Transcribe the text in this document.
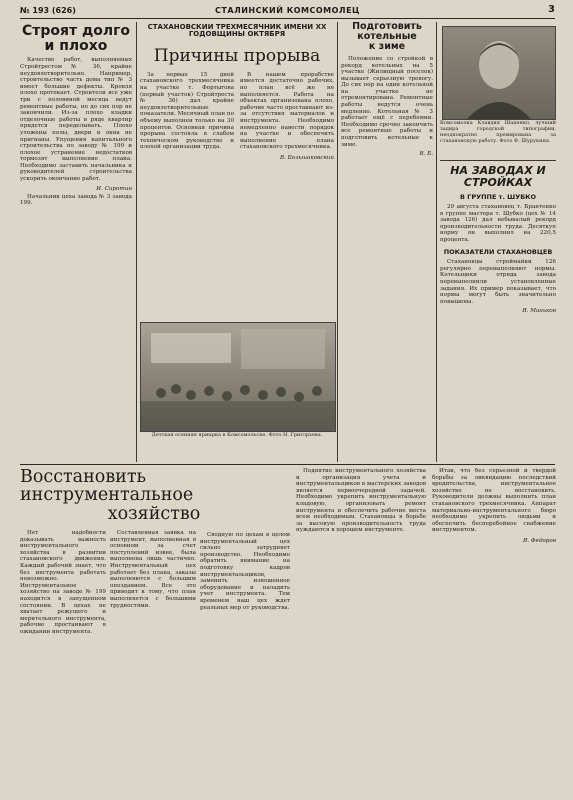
№ 193 (626)	СТАЛИНСКИЙ КОМСОМОЛЕЦ	3
Строят долго
и плохо
Качество работ, выполняемых Стройтрестом № 36, крайне неудовлетворительно. Например, строительство часть дома тип № 3 имеет большие дефекты. Кровля плохо протекает. Строители все уже три с половиной месяца ведут ремонтные работы, но до сих пор не закончили. Из-за плохо кладки отделочные работы в ряде квартир придется переделывать. Плохо уложены полы, двери и окна не пригнаны. Упущения капитального строительства по заводу № 199 и плохое устранение недостатков тормозят выполнение плана. Необходимо заставить начальника и руководителей строительства ускорить окончание работ.
И. Сиротин
Начальник цеха завода № 3 завода 199.
СТАХАНОВСКИЙ ТРЕХМЕСЯЧНИК ИМЕНИ XX ГОДОВЩИНЫ ОКТЯБРЯ
Причины прорыва
За первые 15 дней стахановского трехмесячника на участке т. Фортыгова (первый участок) Стройтреста № 36) дал крайне неудовлетворительные показатели. Месячный план по объему выполнен только на 30 процентов. Основная причина прорыва состояла в слабом техническом руководстве и плохой организации труда.
В нашем прорабстве имеется достаточно рабочих, но план всё же не выполняется. Работа на объектах организована плохо, рабочие часто простаивают из-за отсутствия материалов и инструмента. Необходимо немедленно навести порядок на участке и обеспечить выполнение плана стахановского трехмесячника.
В. Большаковский
Детская осенняя ярмарка в Комсомольске. Фото Н. Григорьева.
Подготовить
котельные
к зиме
Положение со стройкой в рекорд котельных на 5 участке (Жилищный поселок) вызывает серьезную тревогу. До сих пор на один котельной на участке не отремонтирована. Ремонтные работы ведутся очень медленно. Котельная № 3 работает ещё с перебоями. Необходимо срочно закончить все ремонтные работы и подготовить котельные к зиме.
В. Б.
Комсомолка Клавдия Шапенко, лучший задира городской типографии, неоднократно премирована за стахановскую работу. Фото Ф. Шурукина.
НА ЗАВОДАХ И СТРОЙКАХ
В ГРУППЕ т. ШУБКО
29 августа стахановец т. Брантенко в группе мастера т. Шубко (цех № 14 завода 126) дал небывалый рекорд производительности труда. Десяткуп норму он выполнил на 220,5 процента.
ПОКАЗАТЕЛИ СТАХАНОВЦЕВ
Стахановцы строймайки 126 регулярно перевыполняют нормы. Котельщики отряда завода перевыполнили установленные задания. Их пример показывает, что нормы могут быть значительно повышены.
Я. Маньков
Восстановить инструментальное
хозяйство
Нет надобности доказывать важность инструментального хозяйства в развитии стахановского движения. Каждый рабочий знает, что без инструмента работать невозможно. Инструментальное хозяйство на заводе № 199 находится в запущенном состоянии. В цехах не хватает режущего и мерительного инструмента, рабочие простаивают в ожидании инструмента.
Составленная заявка на инструмент, выполненная в основном за счет поступлений извне, была выполнена лишь частично. Инструментальный цех работает без плана, заказы выполняются с большим опозданием. Все это приводит к тому, что план выполняется с большими трудностями.
Сводную по цехам в целом инструментальный цех сильно затрудняет производство. Необходимо обратить внимание на подготовку кадров инструментальщиков, заменить изношенное оборудование и наладить учет инструмента. Тем временем наш цех ждет реальных мер от руководства.
Поднятие инструментального хозяйства и организация учета и инструментальщиков в мастерских заводов является первоочередной задачей. Необходимо укрепить инструментальную кладовую, организовать ремонт инструмента и обеспечить рабочие места всем необходимым. Стахановцы в борьбе за высокую производительность труда нуждаются в хорошем инструменте.
Итак, что без серьезной и твердой борьбы за ликвидацию последствий вредительства, инструментальное хозяйство не восстановить. Руководители должны выполнить план стахановского трехмесячника. Аппарат материально-инструментального бюро необходимо укрепить людьми и обеспечить бесперебойное снабжение инструментом.
Я. Федоров
